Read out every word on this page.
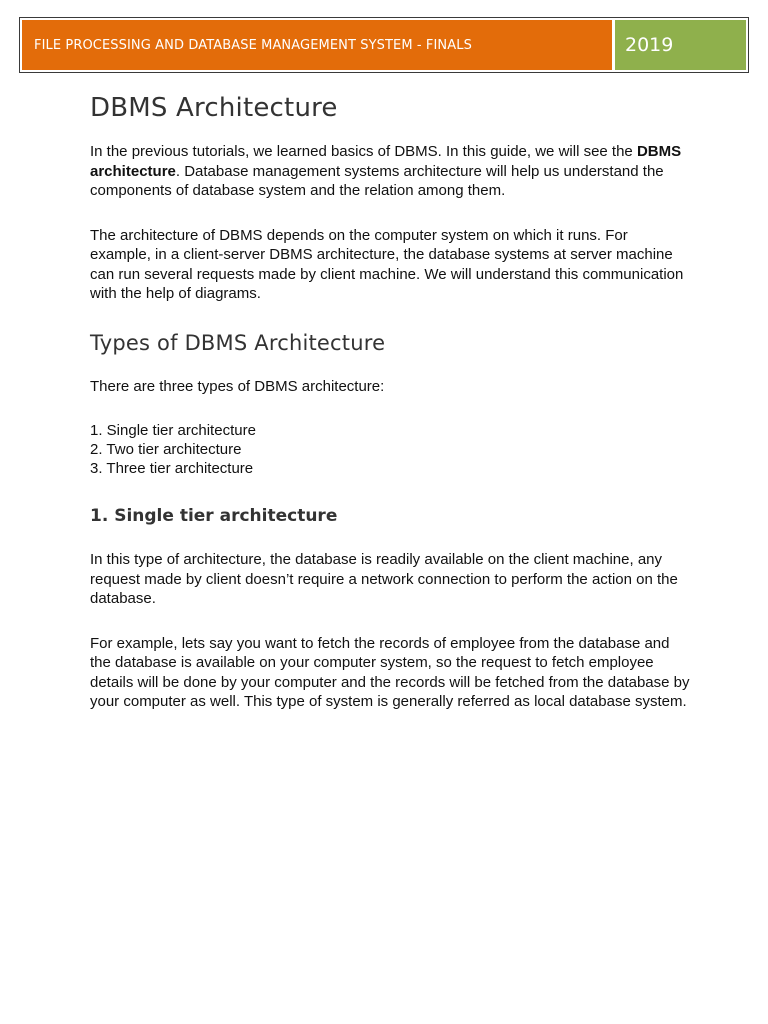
FILE PROCESSING AND DATABASE MANAGEMENT SYSTEM - FINALS	2019
DBMS Architecture

In the previous tutorials, we learned basics of DBMS. In this guide, we will see the DBMS architecture. Database management systems architecture will help us understand the components of database system and the relation among them.

The architecture of DBMS depends on the computer system on which it runs. For example, in a client-server DBMS architecture, the database systems at server machine can run several requests made by client machine. We will understand this communication with the help of diagrams.

Types of DBMS Architecture

There are three types of DBMS architecture:

1. Single tier architecture
2. Two tier architecture
3. Three tier architecture
1. Single tier architecture

In this type of architecture, the database is readily available on the client machine, any request made by client doesn’t require a network connection to perform the action on the database.

For example, lets say you want to fetch the records of employee from the database and the database is available on your computer system, so the request to fetch employee details will be done by your computer and the records will be fetched from the database by your computer as well. This type of system is generally referred as local database system.
